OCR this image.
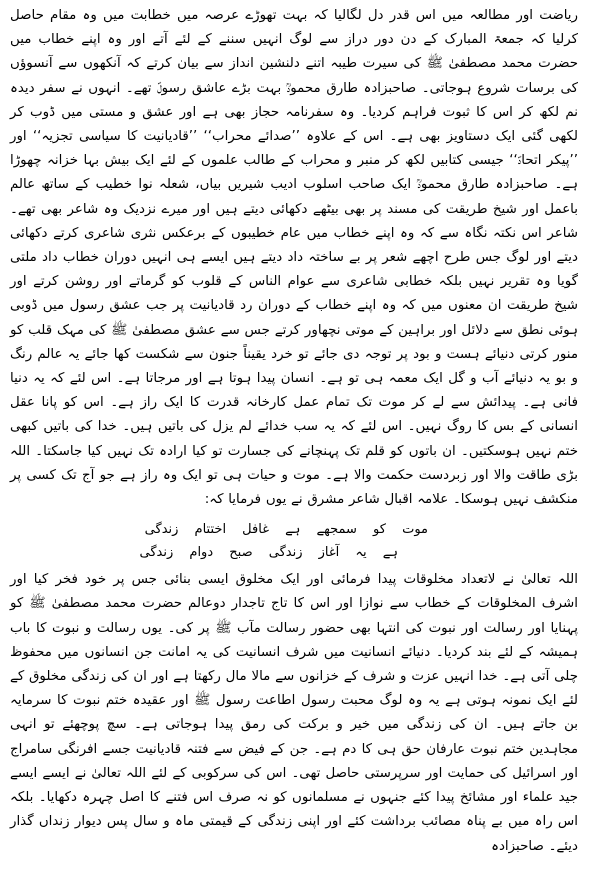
ریاضت اور مطالعہ میں اس قدر دل لگالیا کہ بہت تھوڑے عرصہ میں خطابت میں وہ مقام حاصل کرلیا کہ جمعۃ المبارک کے دن دور دراز سے لوگ انہیں سننے کے لئے آتے اور وہ اپنے خطاب میں حضرت محمد مصطفیٰ ﷺ کی سیرت طیبہ اتنے دلنشین انداز سے بیان کرتے کہ آنکھوں سے آنسوؤں کی برسات شروع ہوجاتی۔ صاحبزادہ طارق محمودؒ بہت بڑے عاشق رسولؐ تھے۔ انہوں نے سفر دیدہ نم لکھ کر اس کا ثبوت فراہم کردیا۔ وہ سفرنامہ حجاز بھی ہے اور عشق و مستی میں ڈوب کر لکھی گئی ایک دستاویز بھی ہے۔ اس کے علاوہ ’’صدائے محراب‘‘ ’’قادیانیت کا سیاسی تجزیہ‘‘ اور ’’پیکر اتحادؐ‘‘ جیسی کتابیں لکھ کر منبر و محراب کے طالب علموں کے لئے ایک بیش بہا خزانہ چھوڑا ہے۔ صاحبزادہ طارق محمودؒ ایک صاحب اسلوب ادیب شیریں بیاں، شعلہ نوا خطیب کے ساتھ عالم باعمل اور شیخ طریقت کی مسند پر بھی بیٹھے دکھائی دیتے ہیں اور میرے نزدیک وہ شاعر بھی تھے۔ شاعر اس نکتہ نگاہ سے کہ وہ اپنے خطاب میں عام خطیبوں کے برعکس نثری شاعری کرتے دکھائی دیتے اور لوگ جس طرح اچھے شعر پر بے ساختہ داد دیتے ہیں ایسے ہی انہیں دوران خطاب داد ملتی گویا وہ تقریر نہیں بلکہ خطابی شاعری سے عوام الناس کے قلوب کو گرماتے اور روشن کرتے اور شیخ طریقت ان معنوں میں کہ وہ اپنے خطاب کے دوران رد قادیانیت پر جب عشق رسول میں ڈوبی ہوئی نطق سے دلائل اور براہین کے موتی نچھاور کرتے جس سے عشق مصطفیٰ ﷺ کی مہک قلب کو منور کرتی دنیائے ہست و بود پر توجہ دی جائے تو خرد یقیناً جنون سے شکست کھا جائے یہ عالم رنگ و بو یہ دنیائے آب و گل ایک معمہ ہی تو ہے۔ انسان پیدا ہوتا ہے اور مرجاتا ہے۔ اس لئے کہ یہ دنیا فانی ہے۔ پیدائش سے لے کر موت تک تمام عمل کارخانہ قدرت کا ایک راز ہے۔ اس کو پانا عقل انسانی کے بس کا روگ نہیں۔ اس لئے کہ یہ سب خدائے لم یزل کی باتیں ہیں۔ خدا کی باتیں کبھی ختم نہیں ہوسکتیں۔ ان باتوں کو قلم تک پہنچانے کی جسارت تو کیا ارادہ تک نہیں کیا جاسکتا۔ اللہ بڑی طاقت والا اور زبردست حکمت والا ہے۔ موت و حیات ہی تو ایک وہ راز ہے جو آج تک کسی پر منکشف نہیں ہوسکا۔ علامہ اقبال شاعر مشرق نے یوں فرمایا کہ:

موت کو سمجھے ہے غافل اختتام زندگی

ہے یہ آغاز زندگی صبح دوام زندگی

اللہ تعالیٰ نے لاتعداد مخلوقات پیدا فرمائی اور ایک مخلوق ایسی بنائی جس پر خود فخر کیا اور اشرف المخلوقات کے خطاب سے نوازا اور اس کا تاج تاجدار دوعالم حضرت محمد مصطفیٰ ﷺ کو پہنایا اور رسالت اور نبوت کی انتہا بھی حضور رسالت مآب ﷺ پر کی۔ یوں رسالت و نبوت کا باب ہمیشہ کے لئے بند کردیا۔ دنیائے انسانیت میں شرف انسانیت کی یہ امانت جن انسانوں میں محفوظ چلی آتی ہے۔ خدا انہیں عزت و شرف کے خزانوں سے مالا مال رکھتا ہے اور ان کی زندگی مخلوق کے لئے ایک نمونہ ہوتی ہے یہ وہ لوگ محبت رسول اطاعت رسول ﷺ اور عقیدہ ختم نبوت کا سرمایہ بن جاتے ہیں۔ ان کی زندگی میں خیر و برکت کی رمق پیدا ہوجاتی ہے۔ سچ پوچھئے تو انہی مجاہدین ختم نبوت عارفان حق ہی کا دم ہے۔ جن کے فیض سے فتنہ قادیانیت جسے افرنگی سامراج اور اسرائیل کی حمایت اور سرپرستی حاصل تھی۔ اس کی سرکوبی کے لئے اللہ تعالیٰ نے ایسے ایسے جید علماء اور مشائخ پیدا کئے جنہوں نے مسلمانوں کو نہ صرف اس فتنے کا اصل چہرہ دکھایا۔ بلکہ اس راہ میں بے پناہ مصائب برداشت کئے اور اپنی زندگی کے قیمتی ماہ و سال پس دیوار زنداں گذار دیئے۔ صاحبزادہ
